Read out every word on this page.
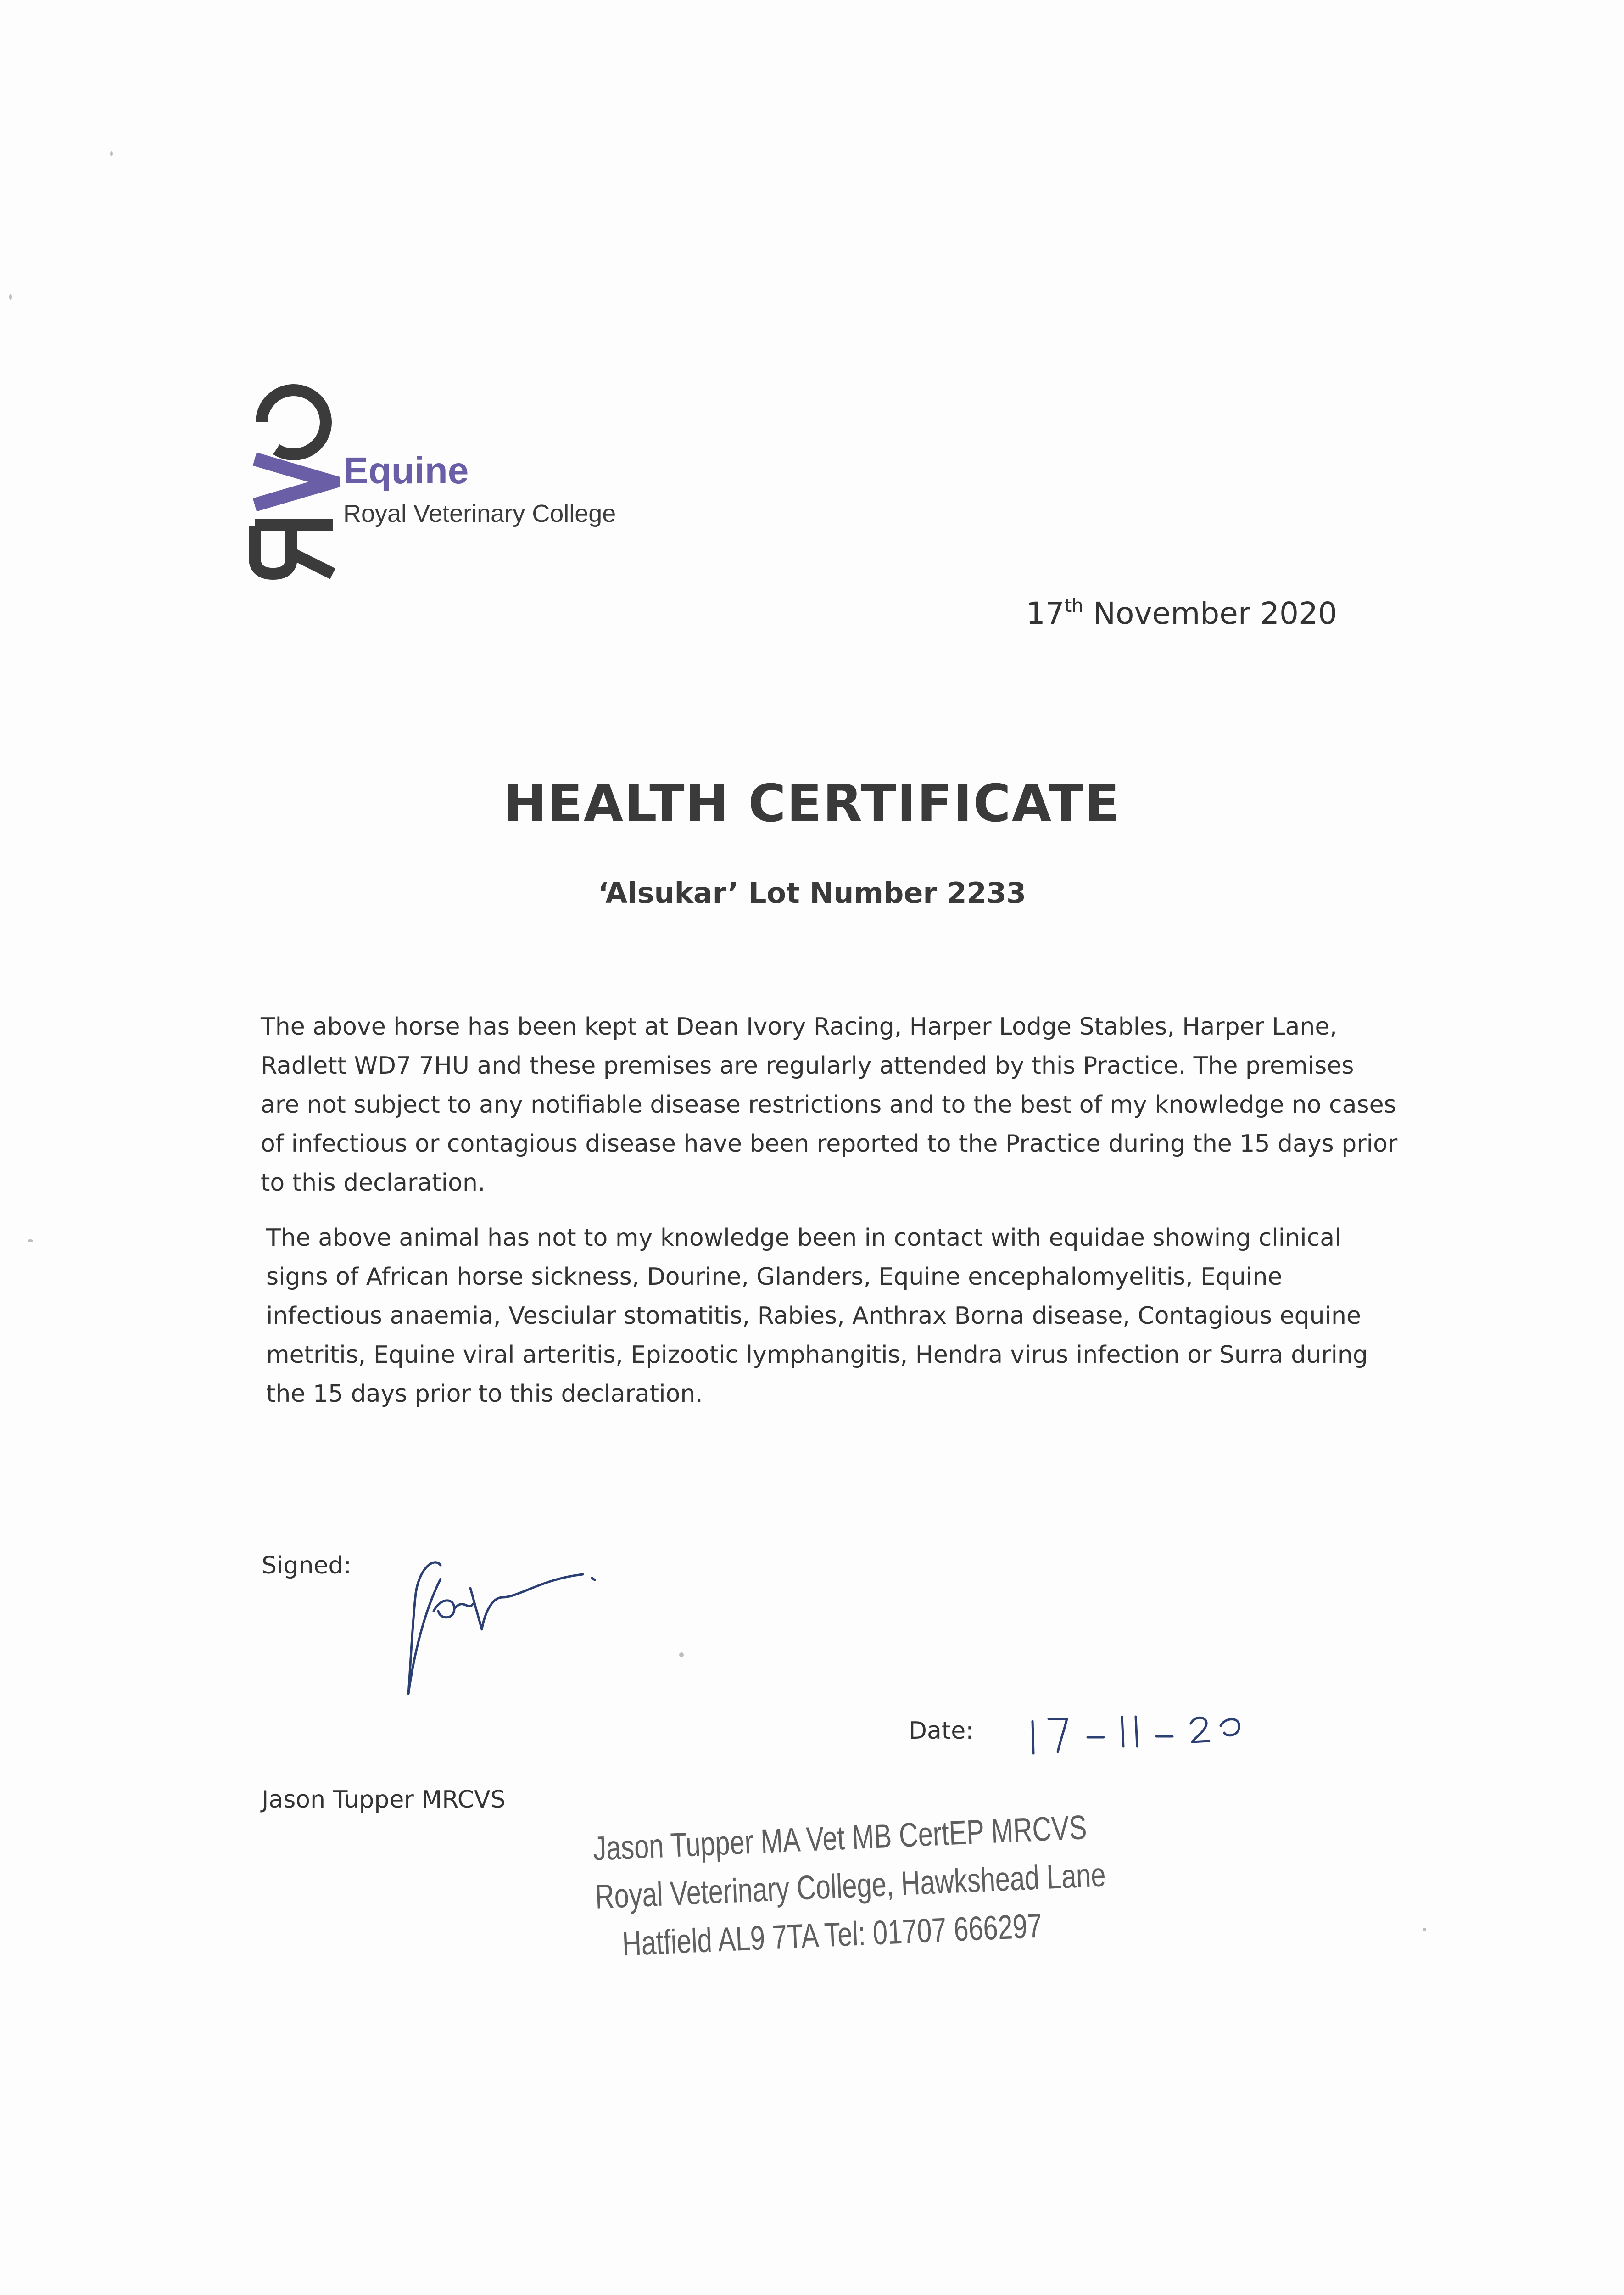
Equine
Royal Veterinary College
17th November 2020
HEALTH CERTIFICATE
‘Alsukar’ Lot Number 2233
The above horse has been kept at Dean Ivory Racing, Harper Lodge Stables, Harper Lane, Radlett WD7 7HU and these premises are regularly attended by this Practice. The premises are not subject to any notifiable disease restrictions and to the best of my knowledge no cases of infectious or contagious disease have been reported to the Practice during the 15 days prior to this declaration.
The above animal has not to my knowledge been in contact with equidae showing clinical signs of African horse sickness, Dourine, Glanders, Equine encephalomyelitis, Equine infectious anaemia, Vesciular stomatitis, Rabies, Anthrax Borna disease, Contagious equine metritis, Equine viral arteritis, Epizootic lymphangitis, Hendra virus infection or Surra during the 15 days prior to this declaration.
Signed:
Date:
Jason Tupper MRCVS
Jason Tupper MA Vet MB CertEP MRCVS
Royal Veterinary College, Hawkshead Lane
Hatfield AL9 7TA Tel: 01707 666297
